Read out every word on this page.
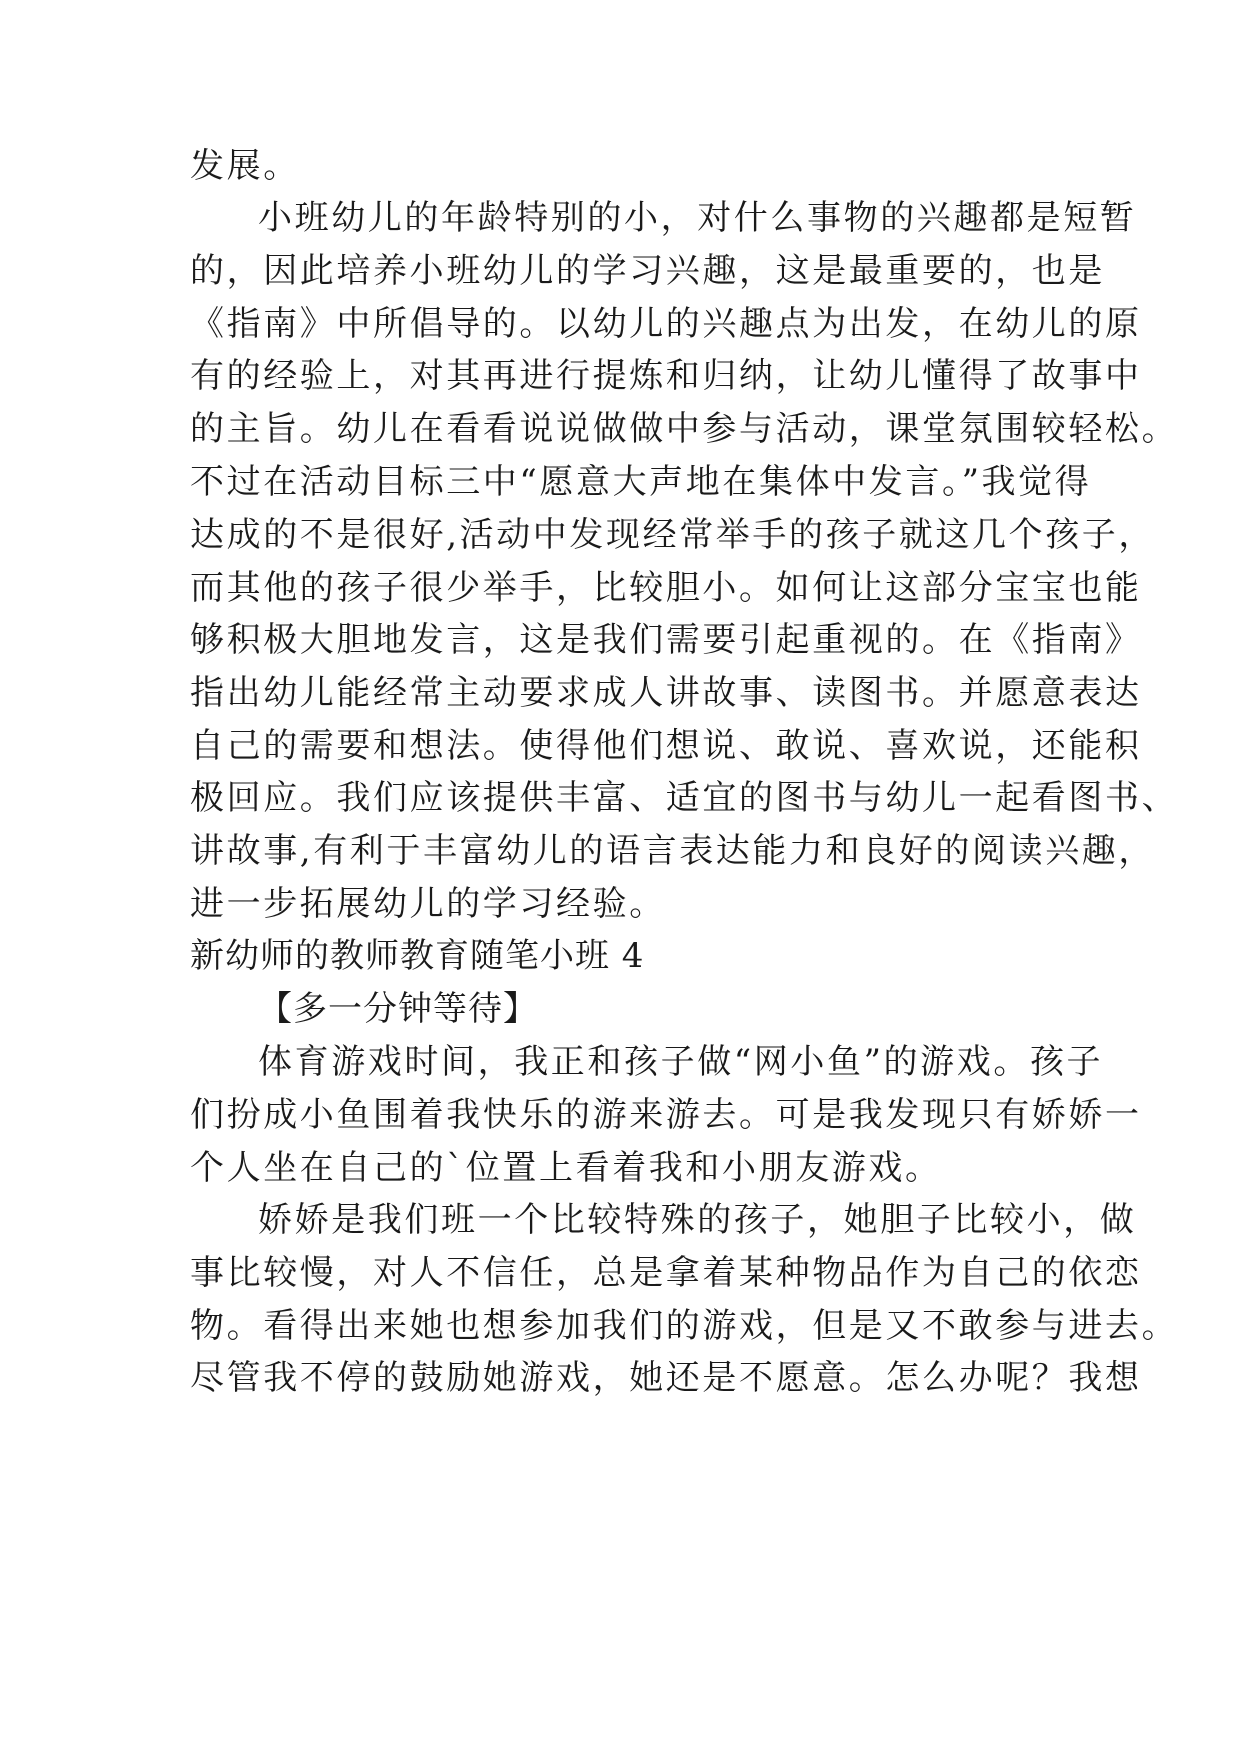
发展。

小班幼儿的年龄特别的小，对什么事物的兴趣都是短暂

的，因此培养小班幼儿的学习兴趣，这是最重要的，也是

《指南》中所倡导的。以幼儿的兴趣点为出发，在幼儿的原

有的经验上，对其再进行提炼和归纳，让幼儿懂得了故事中

的主旨。幼儿在看看说说做做中参与活动，课堂氛围较轻松。

不过在活动目标三中“愿意大声地在集体中发言。”我觉得

达成的不是很好,活动中发现经常举手的孩子就这几个孩子，

而其他的孩子很少举手，比较胆小。如何让这部分宝宝也能

够积极大胆地发言，这是我们需要引起重视的。在《指南》

指出幼儿能经常主动要求成人讲故事、读图书。并愿意表达

自己的需要和想法。使得他们想说、敢说、喜欢说，还能积

极回应。我们应该提供丰富、适宜的图书与幼儿一起看图书、

讲故事,有利于丰富幼儿的语言表达能力和良好的阅读兴趣，

进一步拓展幼儿的学习经验。

新幼师的教师教育随笔小班 4

【多一分钟等待】

体育游戏时间，我正和孩子做“网小鱼”的游戏。孩子

们扮成小鱼围着我快乐的游来游去。可是我发现只有娇娇一

个人坐在自己的`位置上看着我和小朋友游戏。

娇娇是我们班一个比较特殊的孩子，她胆子比较小，做

事比较慢，对人不信任，总是拿着某种物品作为自己的依恋

物。看得出来她也想参加我们的游戏，但是又不敢参与进去。

尽管我不停的鼓励她游戏，她还是不愿意。怎么办呢？我想
